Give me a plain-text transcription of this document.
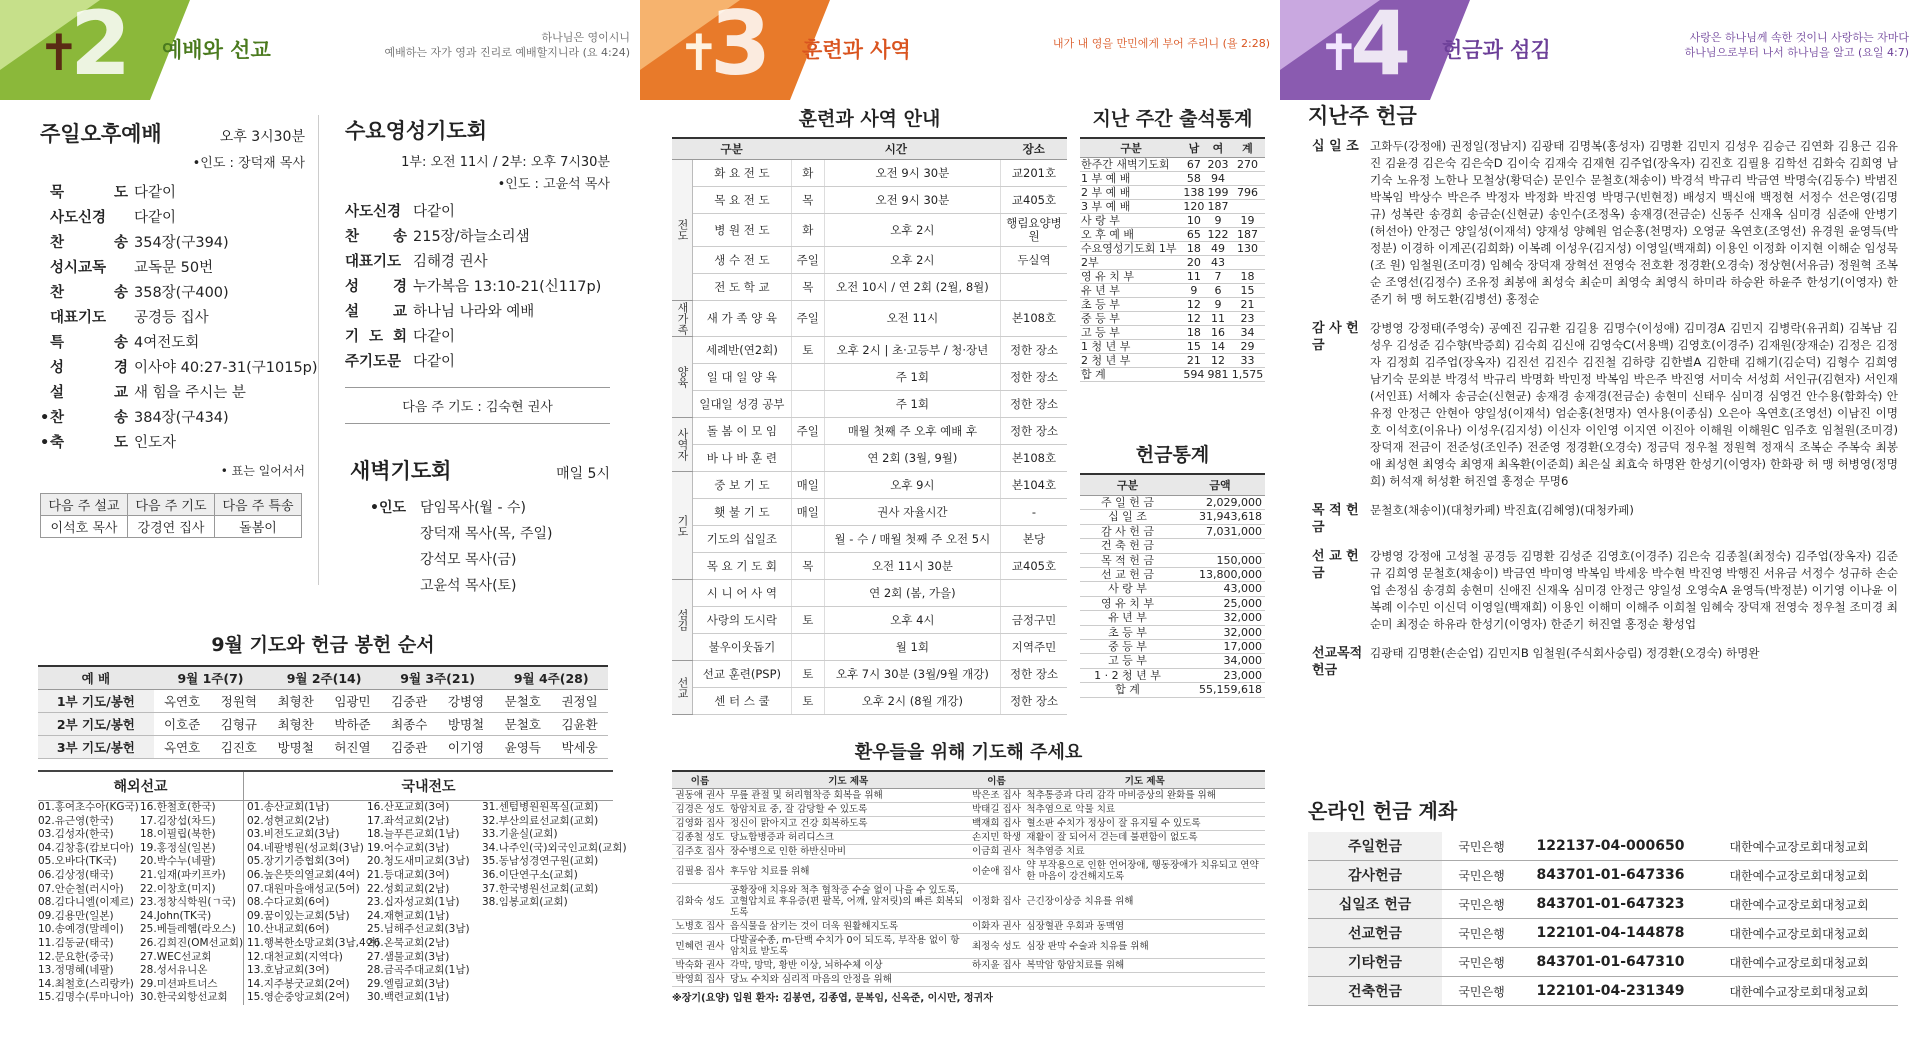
✝
2 예배와 선교
하나님은 영이시니
예배하는 자가 영과 진리로 예배할지니라 (요 4:24)
주일오후예배	오후 3시30분
•인도 : 장덕재 목사
묵 도 다같이
사도신경 다같이
찬 송 354장(구394)
성시교독 교독문 50번
찬 송 358장(구400)
대표기도 공경등 집사
특 송 4여전도회
성 경 이사야 40:27-31(구1015p)
설 교 새 힘을 주시는 분
•찬 송 384장(구434)
•축 도 인도자
• 표는 일어서서
다음 주 설교	다음 주 기도	다음 주 특송
이석호 목사	강경연 집사	돌봄이
수요영성기도회
1부: 오전 11시 / 2부: 오후 7시30분
•인도 : 고윤석 목사
사도신경 다같이
찬 송 215장/하늘소리샘
대표기도 김해경 권사
성 경 누가복음 13:10-21(신117p)
설 교 하나님 나라와 예배
기 도 회 다같이
주기도문 다같이
다음 주 기도 : 김숙현 권사
새벽기도회	매일 5시
•인도 담임목사(월 - 수)
장덕재 목사(목, 주일)
강석모 목사(금)
고윤석 목사(토)
9월 기도와 헌금 봉헌 순서
예 배	9월 1주(7)		9월 2주(14)		9월 3주(21)		9월 4주(28)	
1부 기도/봉헌	옥연호	정원혁	최형찬	임광민	김중관	강병영	문철호	권정일
2부 기도/봉헌	이호준	김형규	최형찬	박하준	최종수	방명철	문철호	김윤환
3부 기도/봉헌	옥연호	김진호	방명철	허진열	김중관	이기영	윤영득	박세웅
해외선교	국내전도
01.홍여초수아(KG국)
02.유근영(한국)
03.김성자(한국)
04.김창흥(캄보디아)
05.오바다(TK국)
06.김상정(태국)
07.안순철(러시아)
08.김다니엘(이제르)
09.김용만(일본)
10.송예경(말레이)
11.김동균(태국)
12.문요한(중국)
13.정명혜(네팔)
14.최철호(스리랑카)
15.김명수(루마니아)
16.한철호(한국)
17.김장섭(차드)
18.이필립(북한)
19.홍정실(일본)
20.박수누(네팔)
21.임재(파키프카)
22.이창호(미지)
23.정창식학원(ㄱ국)
24.John(TK국)
25.베들레헴(라오스)
26.김희진(OM선교회)
27.WEC선교회
28.성서유니온
29.미션파트너스
30.한국외항선교회
01.송산교회(1남)
02.성현교회(2남)
03.비전도교회(3남)
04.네팔병원(성교회(3남)
05.장기기증협회(3여)
06.높은뜻의열교회(4여)
07.대원마을애성교(5여)
08.수다교회(6여)
09.꿈이있는교회(5남)
10.산내교회(6여)
11.행복한소망교회(3남,4여)
12.대천교회(지역다)
13.호남교회(3여)
14.지주봉굿교회(2여)
15.영순중앙교회(2여)
16.산포교회(3여)
17.좌석교회(2남)
18.늘푸른교회(1남)
19.어수교회(3남)
20.청도새미교회(3남)
21.등대교회(3여)
22.성회교회(2남)
23.십자성교회(1남)
24.재현교회(1남)
25.님해주선교회(3남)
26.온묵교회(2남)
27.샘물교회(3남)
28.금곡주대교회(1남)
29.엘림교회(3남)
30.백련교회(1남)
31.센텀병원원목실(교회)
32.부산의료선교회(교회)
33.기윤실(교회)
34.나주인(국)외국인교회(교회)
35.동남성경연구원(교회)
36.이단연구소(교회)
37.한국병원선교회(교회)
38.임봉교회(교회)
✝
3 훈련과 사역	내가 내 영을 만민에게 부어 주리니 (욜 2:28)
훈련과 사역 안내
구분		시간		장소
전도	화 요 전 도	화	오전 9시 30분	교201호
	목 요 전 도	목	오전 9시 30분	교405호
	병 원 전 도	화	오후 2시	행림요양병원
	생 수 전 도	주일	오후 2시	두실역
	전 도 학 교	목	오전 10시 / 연 2회 (2월, 8월)	
새가족	새 가 족 양 육	주일	오전 11시	본108호
양육	세례반(연2회)	토	오후 2시 | 초·고등부 / 청·장년	정한 장소
	일 대 일 양 육		주 1회	정한 장소
	일대일 성경 공부		주 1회	정한 장소
사역자	돌 봄 이 모 임	주일	매월 첫째 주 오후 예배 후	정한 장소
	바 나 바 훈 련		연 2회 (3월, 9월)	본108호
기도	중 보 기 도	매일	오후 9시	본104호
	횃 불 기 도	매일	권사 자율시간	-
	기도의 십일조		월 - 수 / 매월 첫째 주 오전 5시	본당
	목 요 기 도 회	목	오전 11시 30분	교405호
섬김	시 니 어 사 역		연 2회 (봄, 가을)	
	사랑의 도시락	토	오후 4시	금정구민
	불우이웃돕기		월 1회	지역주민
선교	선교 훈련(PSP)	토	오후 7시 30분 (3월/9월 개강)	정한 장소
	센 터 스 쿨	토	오후 2시 (8월 개강)	정한 장소
지난 주간 출석통계
구분	남	여	계
한주간 새벽기도회	67	203	270
1 부 예 배	58	94	
2 부 예 배	138	199	796
3 부 예 배	120	187	
사 랑 부	10	9	19
오 후 예 배	65	122	187
수요영성기도회 1부	18	49	130
2부	20	43	
영 유 치 부	11	7	18
유 년 부	9	6	15
초 등 부	12	9	21
중 등 부	12	11	23
고 등 부	18	16	34
1 청 년 부	15	14	29
2 청 년 부	21	12	33
합 계	594	981	1,575
헌금통계
구분	금액
주 일 헌 금	2,029,000
십 일 조	31,943,618
감 사 헌 금	7,031,000
건 축 헌 금	
목 적 헌 금	150,000
선 교 헌 금	13,800,000
사 랑 부	43,000
영 유 치 부	25,000
유 년 부	32,000
초 등 부	32,000
중 등 부	17,000
고 등 부	34,000
1 · 2 청 년 부	23,000
합 계	55,159,618
환우들을 위해 기도해 주세요
이름	기도 제목	이름	기도 제목
권동애 권사	무릎 관절 및 허리협착증 회복을 위해	박은조 집사	척추통증과 다리 감각 마비증상의 완화를 위해
김경은 성도	항암치료 중, 잘 감당할 수 있도록	박태길 집사	척추염으로 악물 치료
김영화 집사	정신이 맑아지고 건강 회복하도록	백재희 집사	혈소판 수치가 정상이 잘 유지될 수 있도록
김종철 성도	당뇨합병증과 허리디스크	손지민 학생	재활이 잘 되어서 걷는데 불편함이 없도록
김주호 집사	장수병으로 인한 하반신마비	이금희 권사	척추염증 치료
김필용 집사	후두암 치료를 위해	이순애 집사	약 부작용으로 인한 언어장애, 행동장애가 치유되고 연약한 마음이 강건해지도록
김화숙 성도	공황장애 치유와 척추 협착증 수술 없이 나을 수 있도록, 고혈압치료 후유증(편 팔목, 어깨, 앞저릿)의 빠른 회복되도록	이정화 집사	근긴장이상증 치유를 위해
노병호 집사	음식물을 삼키는 것이 더욱 원활해지도록	이화자 권사	심장혈관 우회과 동맥염
민혜련 권사	다발골수종, m-단백 수치가 0이 되도록, 부작용 없이 항암치료 받도록	최정숙 성도	심장 판막 수술과 치유를 위해
박숙화 권사	각막, 망막, 황반 이상, 뇌하수체 이상	하지윤 집사	복막암 항암치료를 위해
박영희 집사	당뇨 수치와 심리적 마음의 안정을 위해		
※장기(요양) 입원 환자: 김봉연, 김종엽, 문복임, 신옥준, 이시만, 정귀자
✝
4 헌금과 섬김
사랑은 하나님께 속한 것이니 사랑하는 자마다
하나님으로부터 나서 하나님을 알고 (요일 4:7)
지난주 헌금
십 일 조 고화두(강정애) 권정일(정남지) 김광태 김명복(홍성자) 김명환 김민지 김성우 김승근 김연화 김용근 김유진 김윤경 김은숙 김은숙D 김이숙 김재숙 김재현 김주업(장옥자) 김진호 김필용 김학선 김화숙 김희영 남기숙 노유정 노한나 모철상(황덕순) 문인수 문철호(채송이) 박경석 박규리 박금연 박명숙(김동수) 박범진 박복임 박상수 박은주 박정자 박정화 박진영 박명구(빈현정) 배성지 백신애 백정현 서정수 선은영(김명규) 성복란 송경희 송금순(신현균) 송인수(조정옥) 송재경(전금순) 신동주 신재옥 심미경 심준애 안병기(허선아) 안정근 양일성(이재석) 양재성 양혜원 엄순홍(천명자) 오영균 옥연호(조영선) 유경원 윤영득(박정분) 이경하 이계곤(김희화) 이복례 이성우(김지성) 이영일(백재희) 이용인 이정화 이지현 이해순 임성묵(조 원) 임철원(조미경) 임혜숙 장덕재 장혁선 전영숙 전호환 정경환(오경숙) 정상현(서유금) 정원혁 조복순 조영선(김정수) 조유정 최봉애 최성숙 최순미 최영숙 최영식 하미라 하승완 하윤주 한성기(이영자) 한준기 허 맹 허도환(김병선) 홍정순
감 사 헌 금
강병영 강정태(주영숙) 공예진 김규환 김길용 김명수(이성애) 김미경A 김민지 김병락(유귀희) 김복남 김성우 김성준 김수향(박증희) 김숙희 김신애 김영숙C(서용백) 김영호(이경주) 김재원(장재순) 김정은 김정자 김정희 김주업(장옥자) 김진선 김진수 김진철 김하량 김한별A 김한태 김해기(김순덕) 김형수 김희영 남기숙 문외분 박경석 박규리 박명화 박민정 박복임 박은주 박진영 서미숙 서성희 서인규(김현자) 서인재(서인표) 서혜자 송금순(신현균) 송재경 송재경(전금순) 송현미 신태우 심미경 심영건 안수용(함화숙) 안유정 안정근 안현아 양일성(이재석) 엄순홍(천명자) 연사용(이종심) 오은아 옥연호(조영선) 이남진 이명호 이석호(이유나) 이성우(김지성) 이신자 이인영 이지연 이진아 이해원 이해원C 임주호 임철원(조미경) 장덕재 전금이 전준성(조인주) 전준영 정경환(오경숙) 정금덕 정우철 정원혁 정재식 조복순 주복숙 최봉애 최성현 최영숙 최영재 최옥환(이준희) 최은실 최효숙 하명완 한성기(이영자) 한화광 허 맹 허병영(정명희) 허석재 허성환 허진열 홍정순 무명6
목 적 헌 금
문철호(채송이)(대청카페) 박진효(김혜영)(대청카페)
선 교 헌 금
강병영 강정애 고성철 공경등 김명환 김성준 김영호(이경주) 김은숙 김종칠(최정숙) 김주업(장옥자) 김준규 김희영 문철호(채송이) 박금연 박미영 박복임 박세웅 박수현 박진영 박행진 서유금 서정수 성규하 손순업 손정심 송경희 송현미 신애진 신재옥 심미경 안정근 양일성 오영숙A 윤영득(박정분) 이기영 이나윤 이복례 이수민 이신덕 이영일(백재희) 이용인 이해미 이해주 이희철 임혜숙 장덕재 전영숙 정우철 조미경 최순미 최정순 하유라 한성기(이영자) 한준기 허진열 홍정순 황성업
선교목적 헌금
김광태 김명환(손순업) 김민지B 임철원(주식회사승림) 정경환(오경숙) 하명완
온라인 헌금 계좌
주일헌금	국민은행	122137-04-000650	대한예수교장로회대청교회
감사헌금	국민은행	843701-01-647336	대한예수교장로회대청교회
십일조 헌금	국민은행	843701-01-647323	대한예수교장로회대청교회
선교헌금	국민은행	122101-04-144878	대한예수교장로회대청교회
기타헌금	국민은행	843701-01-647310	대한예수교장로회대청교회
건축헌금	국민은행	122101-04-231349	대한예수교장로회대청교회
